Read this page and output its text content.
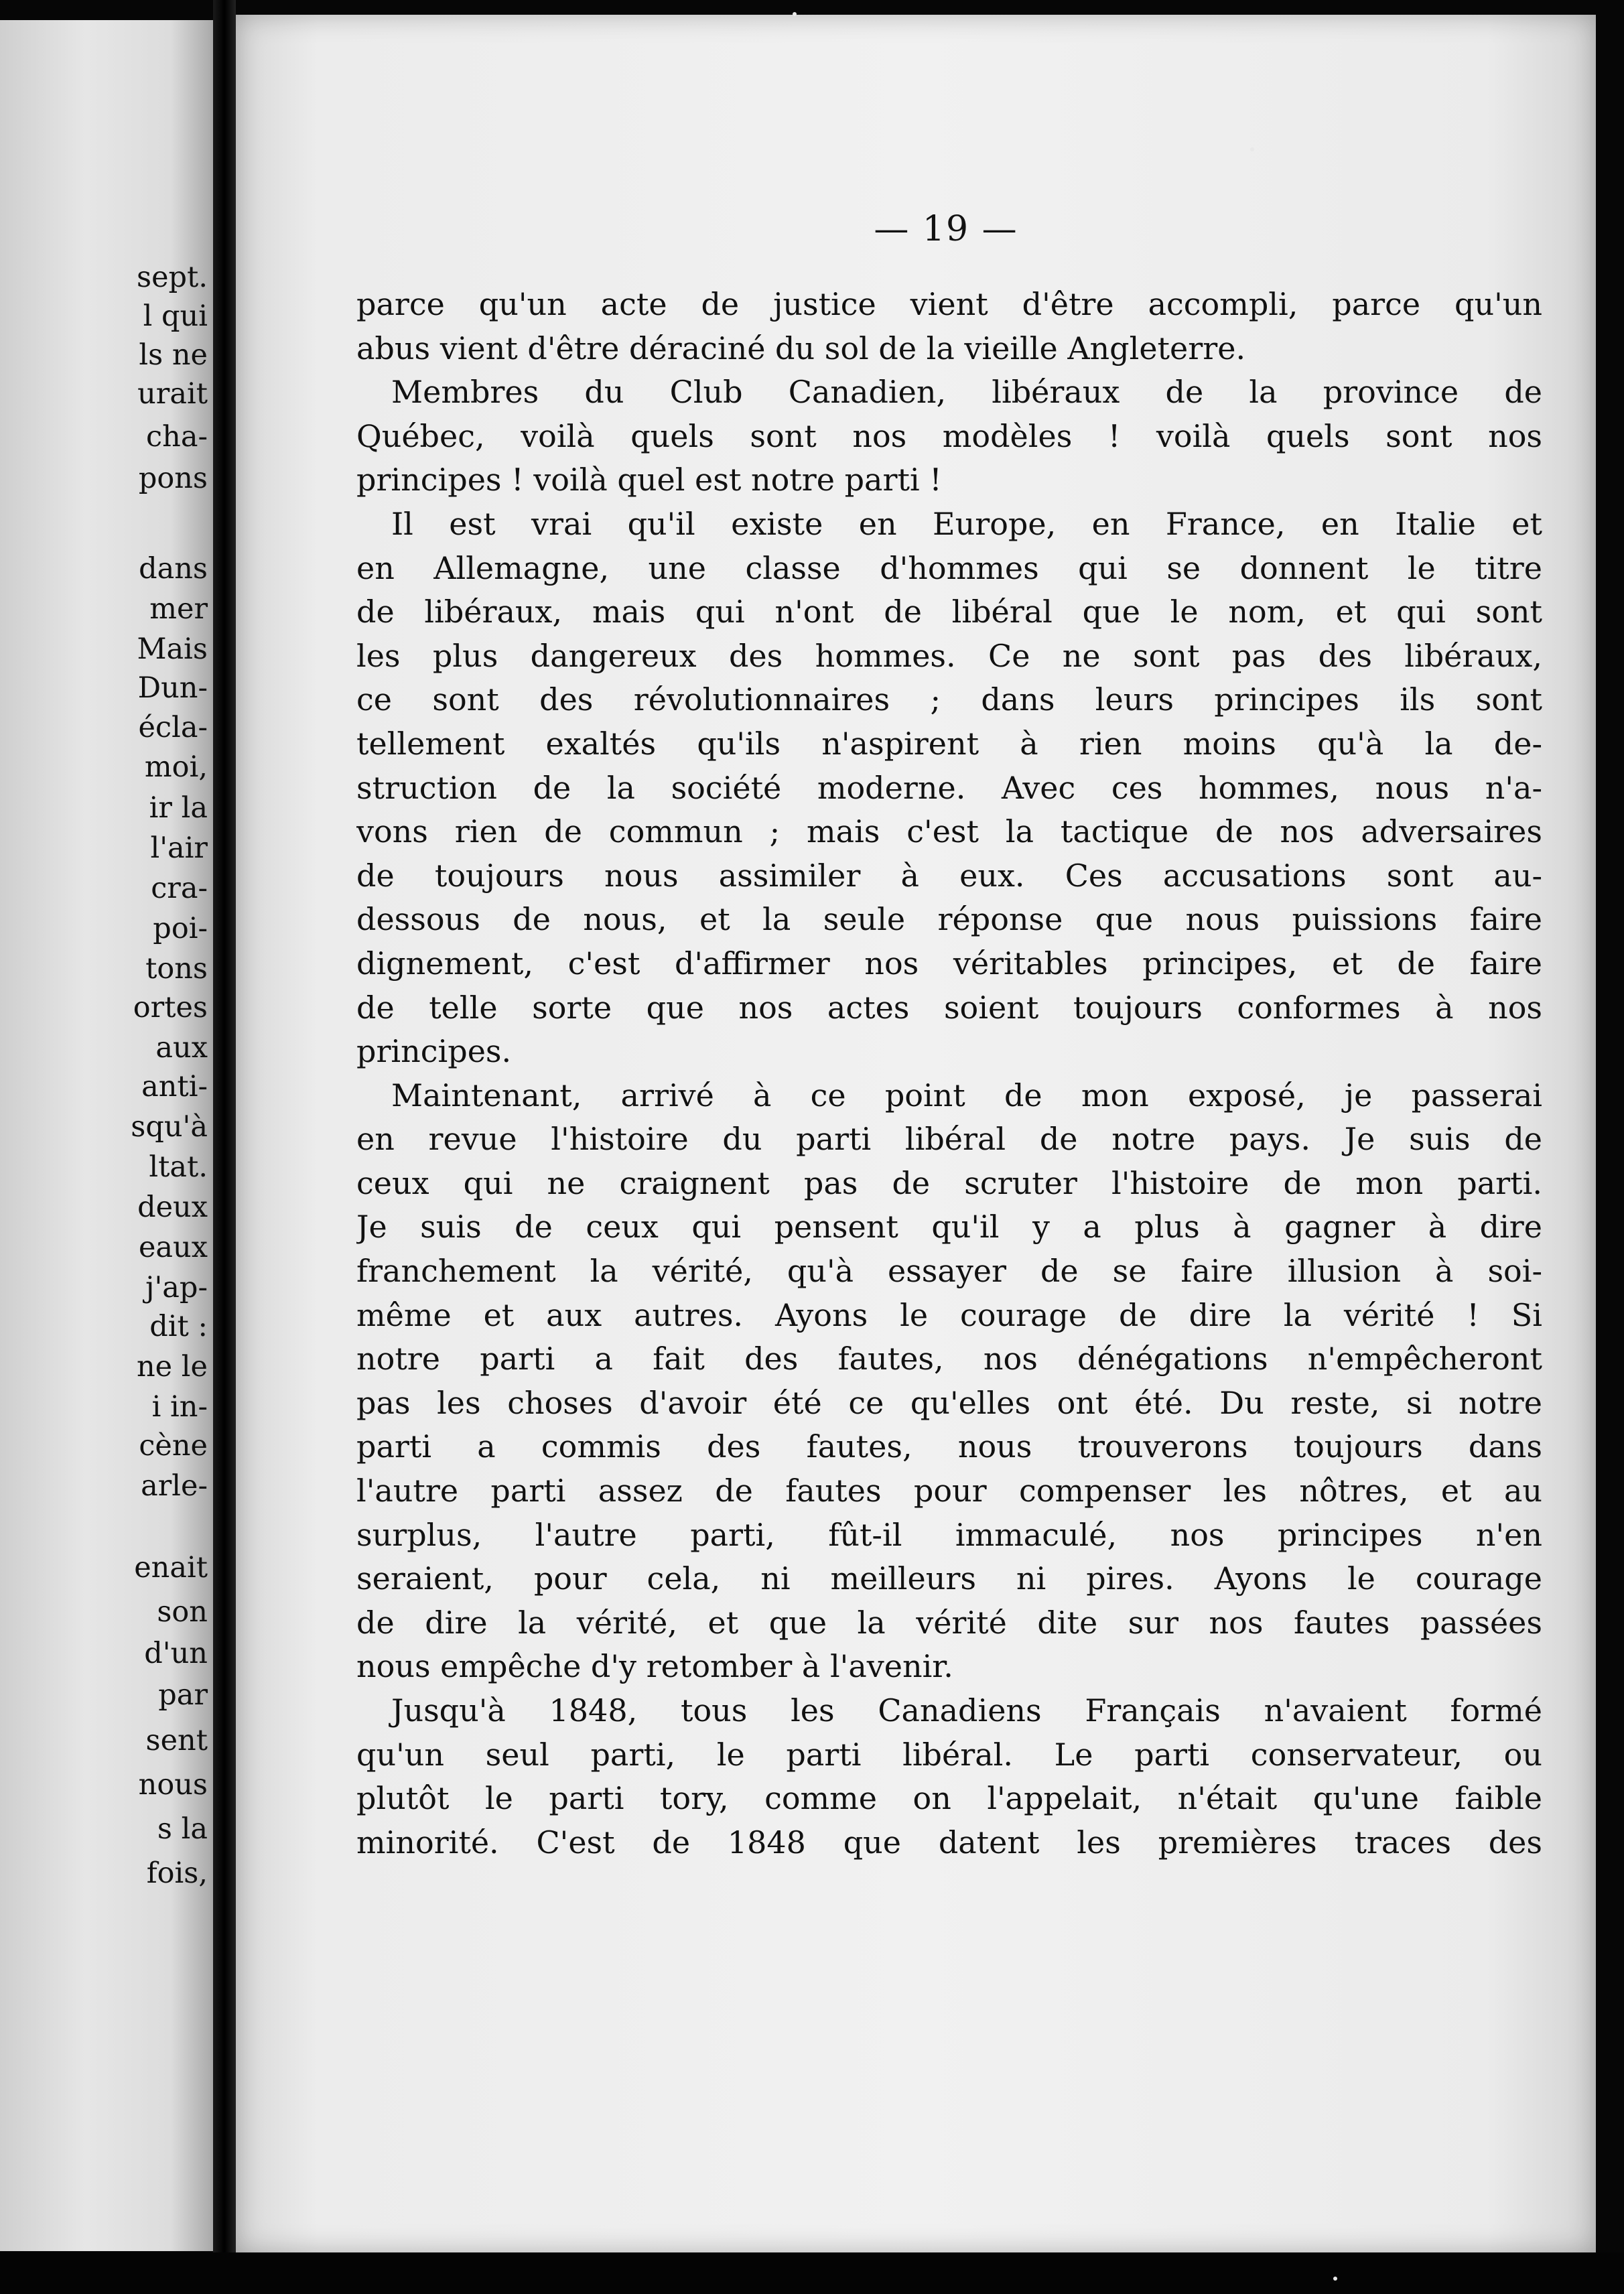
sept.
l qui
ls ne
urait
cha-
pons
dans
mer
Mais
Dun-
écla-
moi,
ir la
l'air
cra-
poi-
tons
ortes
aux
anti-
squ'à
ltat.
deux
eaux
j'ap-
dit :
ne le
i in-
cène
arle-
enait
son
d'un
par
sent
nous
s la
fois,
— 19 —
parce qu'un acte de justice vient d'être accompli, parce qu'un
abus vient d'être déraciné du sol de la vieille Angleterre.
Membres du Club Canadien, libéraux de la province de
Québec, voilà quels sont nos modèles ! voilà quels sont nos
principes ! voilà quel est notre parti !
Il est vrai qu'il existe en Europe, en France, en Italie et
en Allemagne, une classe d'hommes qui se donnent le titre
de libéraux, mais qui n'ont de libéral que le nom, et qui sont
les plus dangereux des hommes. Ce ne sont pas des libéraux,
ce sont des révolutionnaires ; dans leurs principes ils sont
tellement exaltés qu'ils n'aspirent à rien moins qu'à la de-
struction de la société moderne. Avec ces hommes, nous n'a-
vons rien de commun ; mais c'est la tactique de nos adversaires
de toujours nous assimiler à eux. Ces accusations sont au-
dessous de nous, et la seule réponse que nous puissions faire
dignement, c'est d'affirmer nos véritables principes, et de faire
de telle sorte que nos actes soient toujours conformes à nos
principes.
Maintenant, arrivé à ce point de mon exposé, je passerai
en revue l'histoire du parti libéral de notre pays. Je suis de
ceux qui ne craignent pas de scruter l'histoire de mon parti.
Je suis de ceux qui pensent qu'il y a plus à gagner à dire
franchement la vérité, qu'à essayer de se faire illusion à soi-
même et aux autres. Ayons le courage de dire la vérité ! Si
notre parti a fait des fautes, nos dénégations n'empêcheront
pas les choses d'avoir été ce qu'elles ont été. Du reste, si notre
parti a commis des fautes, nous trouverons toujours dans
l'autre parti assez de fautes pour compenser les nôtres, et au
surplus, l'autre parti, fût-il immaculé, nos principes n'en
seraient, pour cela, ni meilleurs ni pires. Ayons le courage
de dire la vérité, et que la vérité dite sur nos fautes passées
nous empêche d'y retomber à l'avenir.
Jusqu'à 1848, tous les Canadiens Français n'avaient formé
qu'un seul parti, le parti libéral. Le parti conservateur, ou
plutôt le parti tory, comme on l'appelait, n'était qu'une faible
minorité. C'est de 1848 que datent les premières traces des
